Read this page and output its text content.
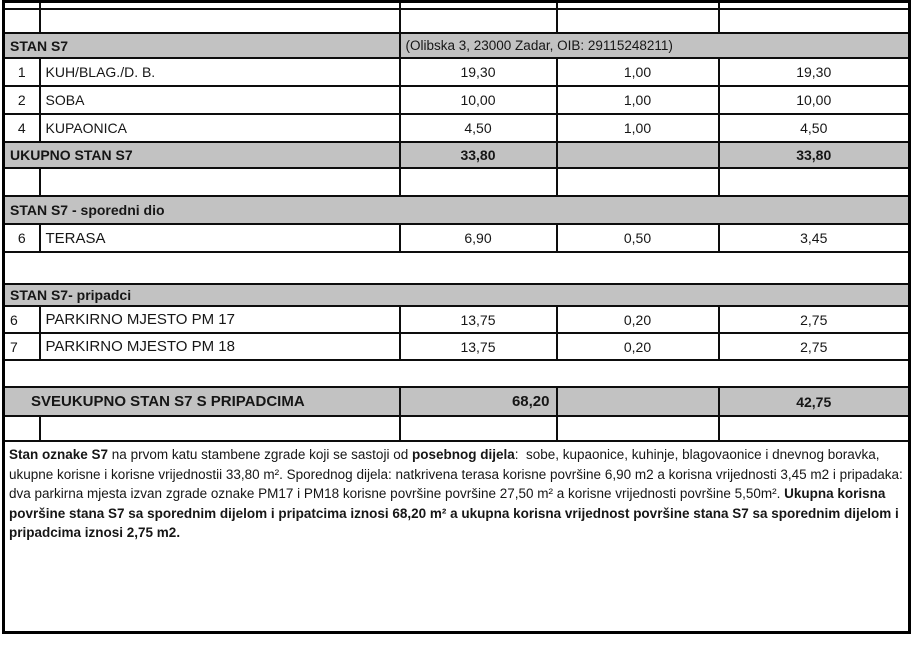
STAN S7		(Olibska 3, 23000 Zadar, OIB: 29115248211)		
1	KUH/BLAG./D. B.	19,30	1,00	19,30
2	SOBA	10,00	1,00	10,00
4	KUPAONICA	4,50	1,00	4,50
UKUPNO STAN S7		33,80		33,80

STAN S7 - sporedni dio				
6	TERASA	6,90	0,50	3,45

STAN S7- pripadci				
6	PARKIRNO MJESTO PM 17	13,75	0,20	2,75
7	PARKIRNO MJESTO PM 18	13,75	0,20	2,75

SVEUKUPNO STAN S7 S PRIPADCIMA		68,20		42,75

Stan oznake S7 na prvom katu stambene zgrade koji se sastoji od posebnog dijela:  sobe, kupaonice, kuhinje, blagovaonice i dnevnog boravka, ukupne korisne i korisne vrijednostii 33,80 m². Sporednog dijela: natkrivena terasa korisne površine 6,90 m2 a korisna vrijednosti 3,45 m2 i pripadaka: dva parkirna mjesta izvan zgrade oznake PM17 i PM18 korisne površine površine 27,50 m² a korisne vrijednosti površine 5,50m². Ukupna korisna površine stana S7 sa sporednim dijelom i pripatcima iznosi 68,20 m² a ukupna korisna vrijednost površine stana S7 sa sporednim dijelom i pripadcima iznosi 2,75 m2.				
